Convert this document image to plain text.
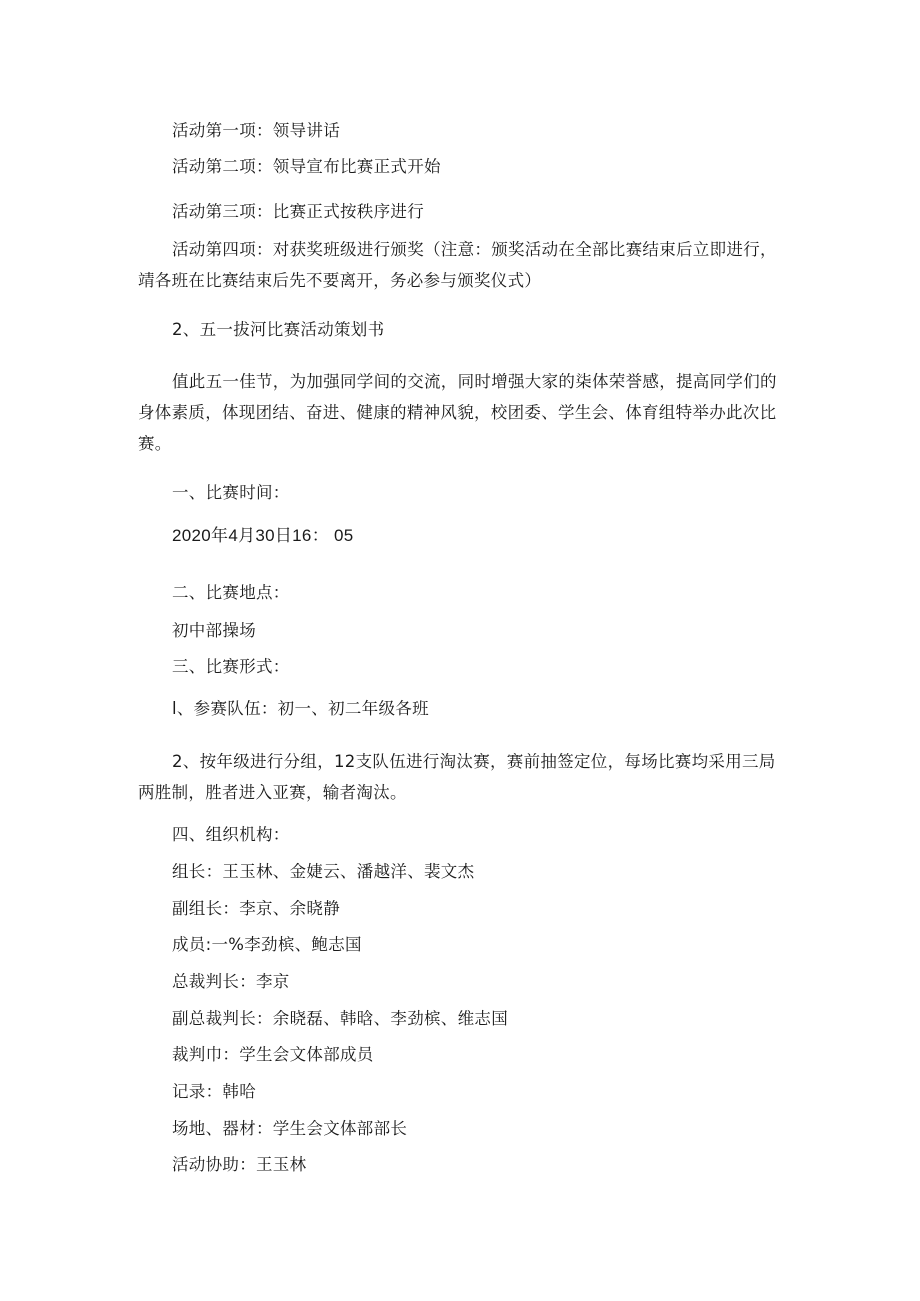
活动第一项：领导讲话
活动第二项：领导宣布比赛正式开始
活动第三项：比赛正式按秩序进行
活动第四项：对获奖班级进行颁奖（注意：颁奖活动在全部比赛结束后立即进行，靖各班在比赛结束后先不要离开，务必参与颁奖仪式）
2、五一拔河比赛活动策划书
值此五一佳节，为加强同学间的交流，同时增强大家的柒体荣誉感，提高同学们的身体素质，体现团结、奋进、健康的精神风貌，校团委、学生会、体育组特举办此次比赛。
一、比赛时间：
2020年4月30日16： 05
二、比赛地点：
初中部操场
三、比赛形式：
l、参赛队伍：初一、初二年级各班
2、按年级进行分组，12支队伍进行淘汰赛，赛前抽签定位，每场比赛均采用三局两胜制，胜者进入亚赛，输者淘汰。
四、组织机构：
组长：王玉林、金婕云、潘越洋、裴文杰
副组长：李京、余晓静
成员:一%李劲槟、鲍志国
总裁判长：李京
副总裁判长：余晓磊、韩晗、李劲槟、维志国
裁判巾：学生会文体部成员
记录：韩哈
场地、器材：学生会文体部部长
活动协助：王玉林
